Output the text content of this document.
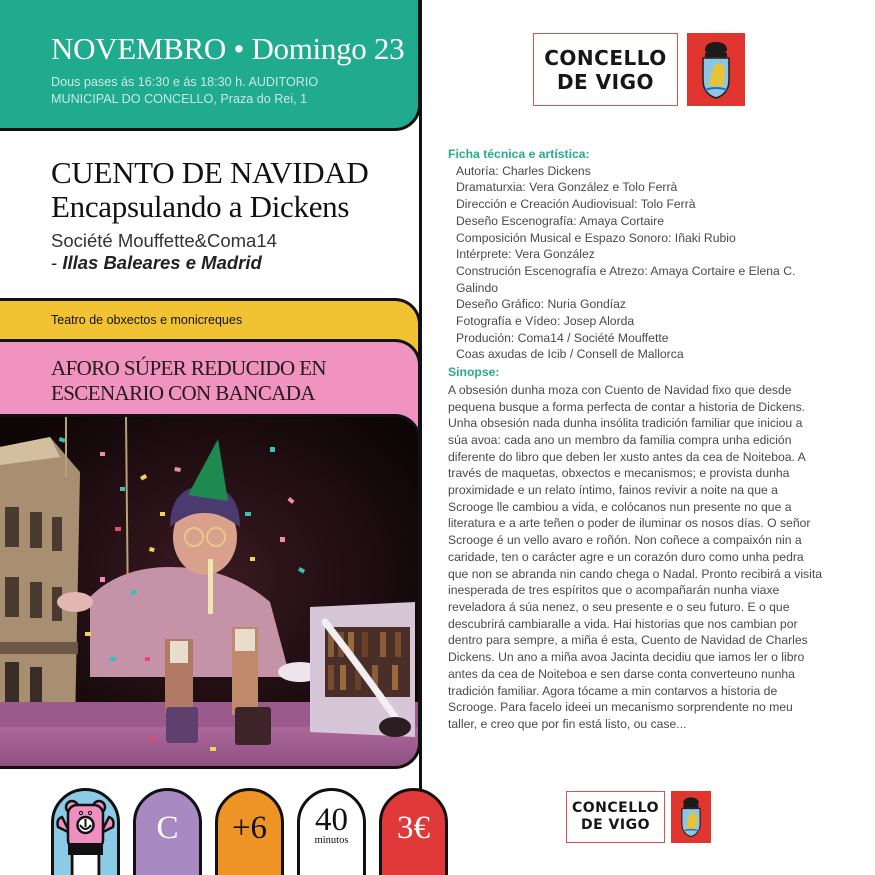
NOVEMBRO • Domingo 23
Dous pases ás 16:30 e ás 18:30 h. AUDITORIO MUNICIPAL DO CONCELLO, Praza do Rei, 1
CUENTO DE NAVIDAD
Encapsulando a Dickens
Société Mouffette&Coma14
- Illas Baleares e Madrid
Teatro de obxectos e monicreques
AFORO SÚPER REDUCIDO EN ESCENARIO CON BANCADA
CONCELLO
DE VIGO
Ficha técnica e artística:
Autoría: Charles Dickens
Dramaturxia: Vera González e Tolo Ferrà
Dirección e Creación Audiovisual: Tolo Ferrà
Deseño Escenografía: Amaya Cortaire
Composición Musical e Espazo Sonoro: Iñaki Rubio
Intérprete: Vera González
Construción Escenografía e Atrezo: Amaya Cortaire e Elena C. Galindo
Deseño Gráfico: Nuria Gondíaz
Fotografía e Vídeo: Josep Alorda
Produción: Coma14 / Société Mouffette
Coas axudas de Icib / Consell de Mallorca
Sinopse:

A obsesión dunha moza con Cuento de Navidad fixo que desde pequena busque a forma perfecta de contar a historia de Dickens. Unha obsesión nada dunha insólita tradición familiar que iniciou a súa avoa: cada ano un membro da familia compra unha edición diferente do libro que deben ler xusto antes da cea de Noiteboa. A través de maquetas, obxectos e mecanismos; e provista dunha proximidade e un relato íntimo, fainos revivir a noite na que a Scrooge lle cambiou a vida, e colócanos nun presente no que a literatura e a arte teñen o poder de iluminar os nosos días. O señor Scrooge é un vello avaro e roñón. Non coñece a compaixón nin a caridade, ten o carácter agre e un corazón duro como unha pedra que non se abranda nin cando chega o Nadal. Pronto recibirá a visita inesperada de tres espíritos que o acompañarán nunha viaxe reveladora á súa nenez, o seu presente e o seu futuro. E o que descubrirá cambiaralle a vida. Hai historias que nos cambian por dentro para sempre, a miña é esta, Cuento de Navidad de Charles Dickens. Un ano a miña avoa Jacinta decidiu que iamos ler o libro antes da cea de Noiteboa e sen darse conta converteuno nunha tradición familiar. Agora tócame a min contarvos a historia de Scrooge. Para facelo ideei un mecanismo sorprendente no meu taller, e creo que por fin está listo, ou case...

CONCELLO
DE VIGO
C +6 40
minutos 3€
